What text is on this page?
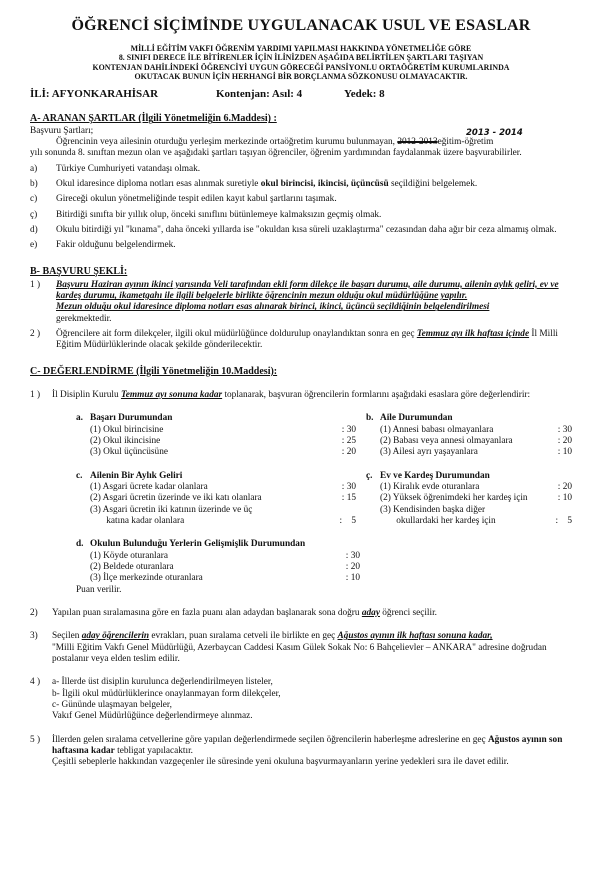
ÖĞRENCİ SİÇİMİNDE UYGULANACAK USUL VE ESASLAR
MİLLİ EĞİTİM VAKFI ÖĞRENİM YARDIMI YAPILMASI HAKKINDA YÖNETMELİĞE GÖRE
8. SINIFI DERECE İLE BİTİRENLER İÇİN İLİNİZDEN AŞAĞIDA BELİRTİLEN ŞARTLARI TAŞIYAN
KONTENJAN DAHİLİNDEKİ ÖĞRENCİYİ UYGUN GÖRECEĞİ PANSİYONLU ORTAÖĞRETİM KURUMLARINDA
OKUTACAK BUNUN İÇİN HERHANGİ BİR BORÇLANMA SÖZKONUSU OLMAYACAKTIR.
İLİ: AFYONKARAHİSAR	Kontenjan: Asıl: 4	Yedek: 8
A- ARANAN ŞARTLAR (İlgili Yönetmeliğin 6.Maddesi) :

Başvuru Şartları;	2013 - 2014
Öğrencinin veya ailesinin oturduğu yerleşim merkezinde ortaöğretim kurumu bulunmayan, 2012-2013eğitim-öğretim

yılı sonunda 8. sınıftan mezun olan ve aşağıdaki şartları taşıyan öğrenciler, öğrenim yardımından faydalanmak üzere başvurabilirler.

a)	Türkiye Cumhuriyeti vatandaşı olmak.
b)	Okul idaresince diploma notları esas alınmak suretiyle okul birincisi, ikincisi, üçüncüsü seçildiğini belgelemek.
c)	Gireceği okulun yönetmeliğinde tespit edilen kayıt kabul şartlarını taşımak.
ç)	Bitirdiği sınıfta bir yıllık olup, önceki sınıflını bütünlemeye kalmaksızın geçmiş olmak.
d)	Okulu bitirdiği yıl "kınama", daha önceki yıllarda ise "okuldan kısa süreli uzaklaştırma" cezasından daha ağır bir ceza almamış olmak.
e)	Fakir olduğunu belgelendirmek.
B- BAŞVURU ŞEKLİ:
1 )	Başvuru Haziran ayının ikinci yarısında Veli tarafından ekli form dilekçe ile başarı durumu, aile durumu, ailenin aylık geliri, ev ve kardeş durumu, ikametgahı ile ilgili belgelerle birlikte öğrencinin mezun olduğu okul müdürlüğüne yapılır.
Mezun olduğu okul idaresince diploma notları esas alınarak birinci, ikinci, üçüncü seçildiğinin belgelendirilmesi
gerekmektedir.
2 )	Öğrencilere ait form dilekçeler, ilgili okul müdürlüğünce doldurulup onaylandıktan sonra en geç Temmuz ayı ilk haftası içinde İl Milli Eğitim Müdürlüklerinde olacak şekilde gönderilecektir.
C- DEĞERLENDİRME (İlgili Yönetmeliğin 10.Maddesi):
1 )	İl Disiplin Kurulu Temmuz ayı sonuna kadar toplanarak, başvuran öğrencilerin formlarını aşağıdaki esaslara göre değerlendirir:
a. Başarı Durumundan
(1) Okul birincisine	: 30
(2) Okul ikincisine	: 25
(3) Okul üçüncüsüne	: 20
c. Ailenin Bir Aylık Geliri
(1) Asgari ücrete kadar olanlara	: 30
(2) Asgari ücretin üzerinde ve iki katı olanlara	: 15
(3) Asgari ücretin iki katının üzerinde ve üç
katına kadar olanlara	:    5
d. Okulun Bulunduğu Yerlerin Gelişmişlik Durumundan
(1) Köyde oturanlara	: 30
(2) Beldede oturanlara	: 20
(3) İlçe merkezinde oturanlara	: 10
b. Aile Durumundan
(1) Annesi babası olmayanlara	: 30
(2) Babası veya annesi olmayanlara	: 20
(3) Ailesi ayrı yaşayanlara	: 10
ç. Ev ve Kardeş Durumundan
(1) Kiralık evde oturanlara	: 20
(2) Yüksek öğrenimdeki her kardeş için	: 10
(3) Kendisinden başka diğer
okullardaki her kardeş için	:    5

Puan verilir.

2)	Yapılan puan sıralamasına göre en fazla puanı alan adaydan başlanarak sona doğru aday öğrenci seçilir.
3)	Seçilen aday öğrencilerin evrakları, puan sıralama cetveli ile birlikte en geç Ağustos ayının ilk haftası sonuna kadar,
"Milli Eğitim Vakfı Genel Müdürlüğü, Azerbaycan Caddesi Kasım Gülek Sokak No: 6 Bahçelievler – ANKARA" adresine doğrudan postalanır veya elden teslim edilir.
4 )	a- İllerde üst disiplin kuruluncа değerlendirilmeyen listeler,
b- İlgili okul müdürlüklerince onaylanmayan form dilekçeler,
c- Gününde ulaşmayan belgeler,
Vakıf Genel Müdürlüğünce değerlendirmeye alınmaz.
5 )	İllerden gelen sıralama cetvellerine göre yapılan değerlendirmede seçilen öğrencilerin haberleşme adreslerine en geç Ağustos ayının son haftasına kadar tebligat yapılacaktır.
Çeşitli sebeplerle hakkından vazgeçenler ile süresinde yeni okuluna başvurmayanların yerine yedekleri sıra ile davet edilir.
